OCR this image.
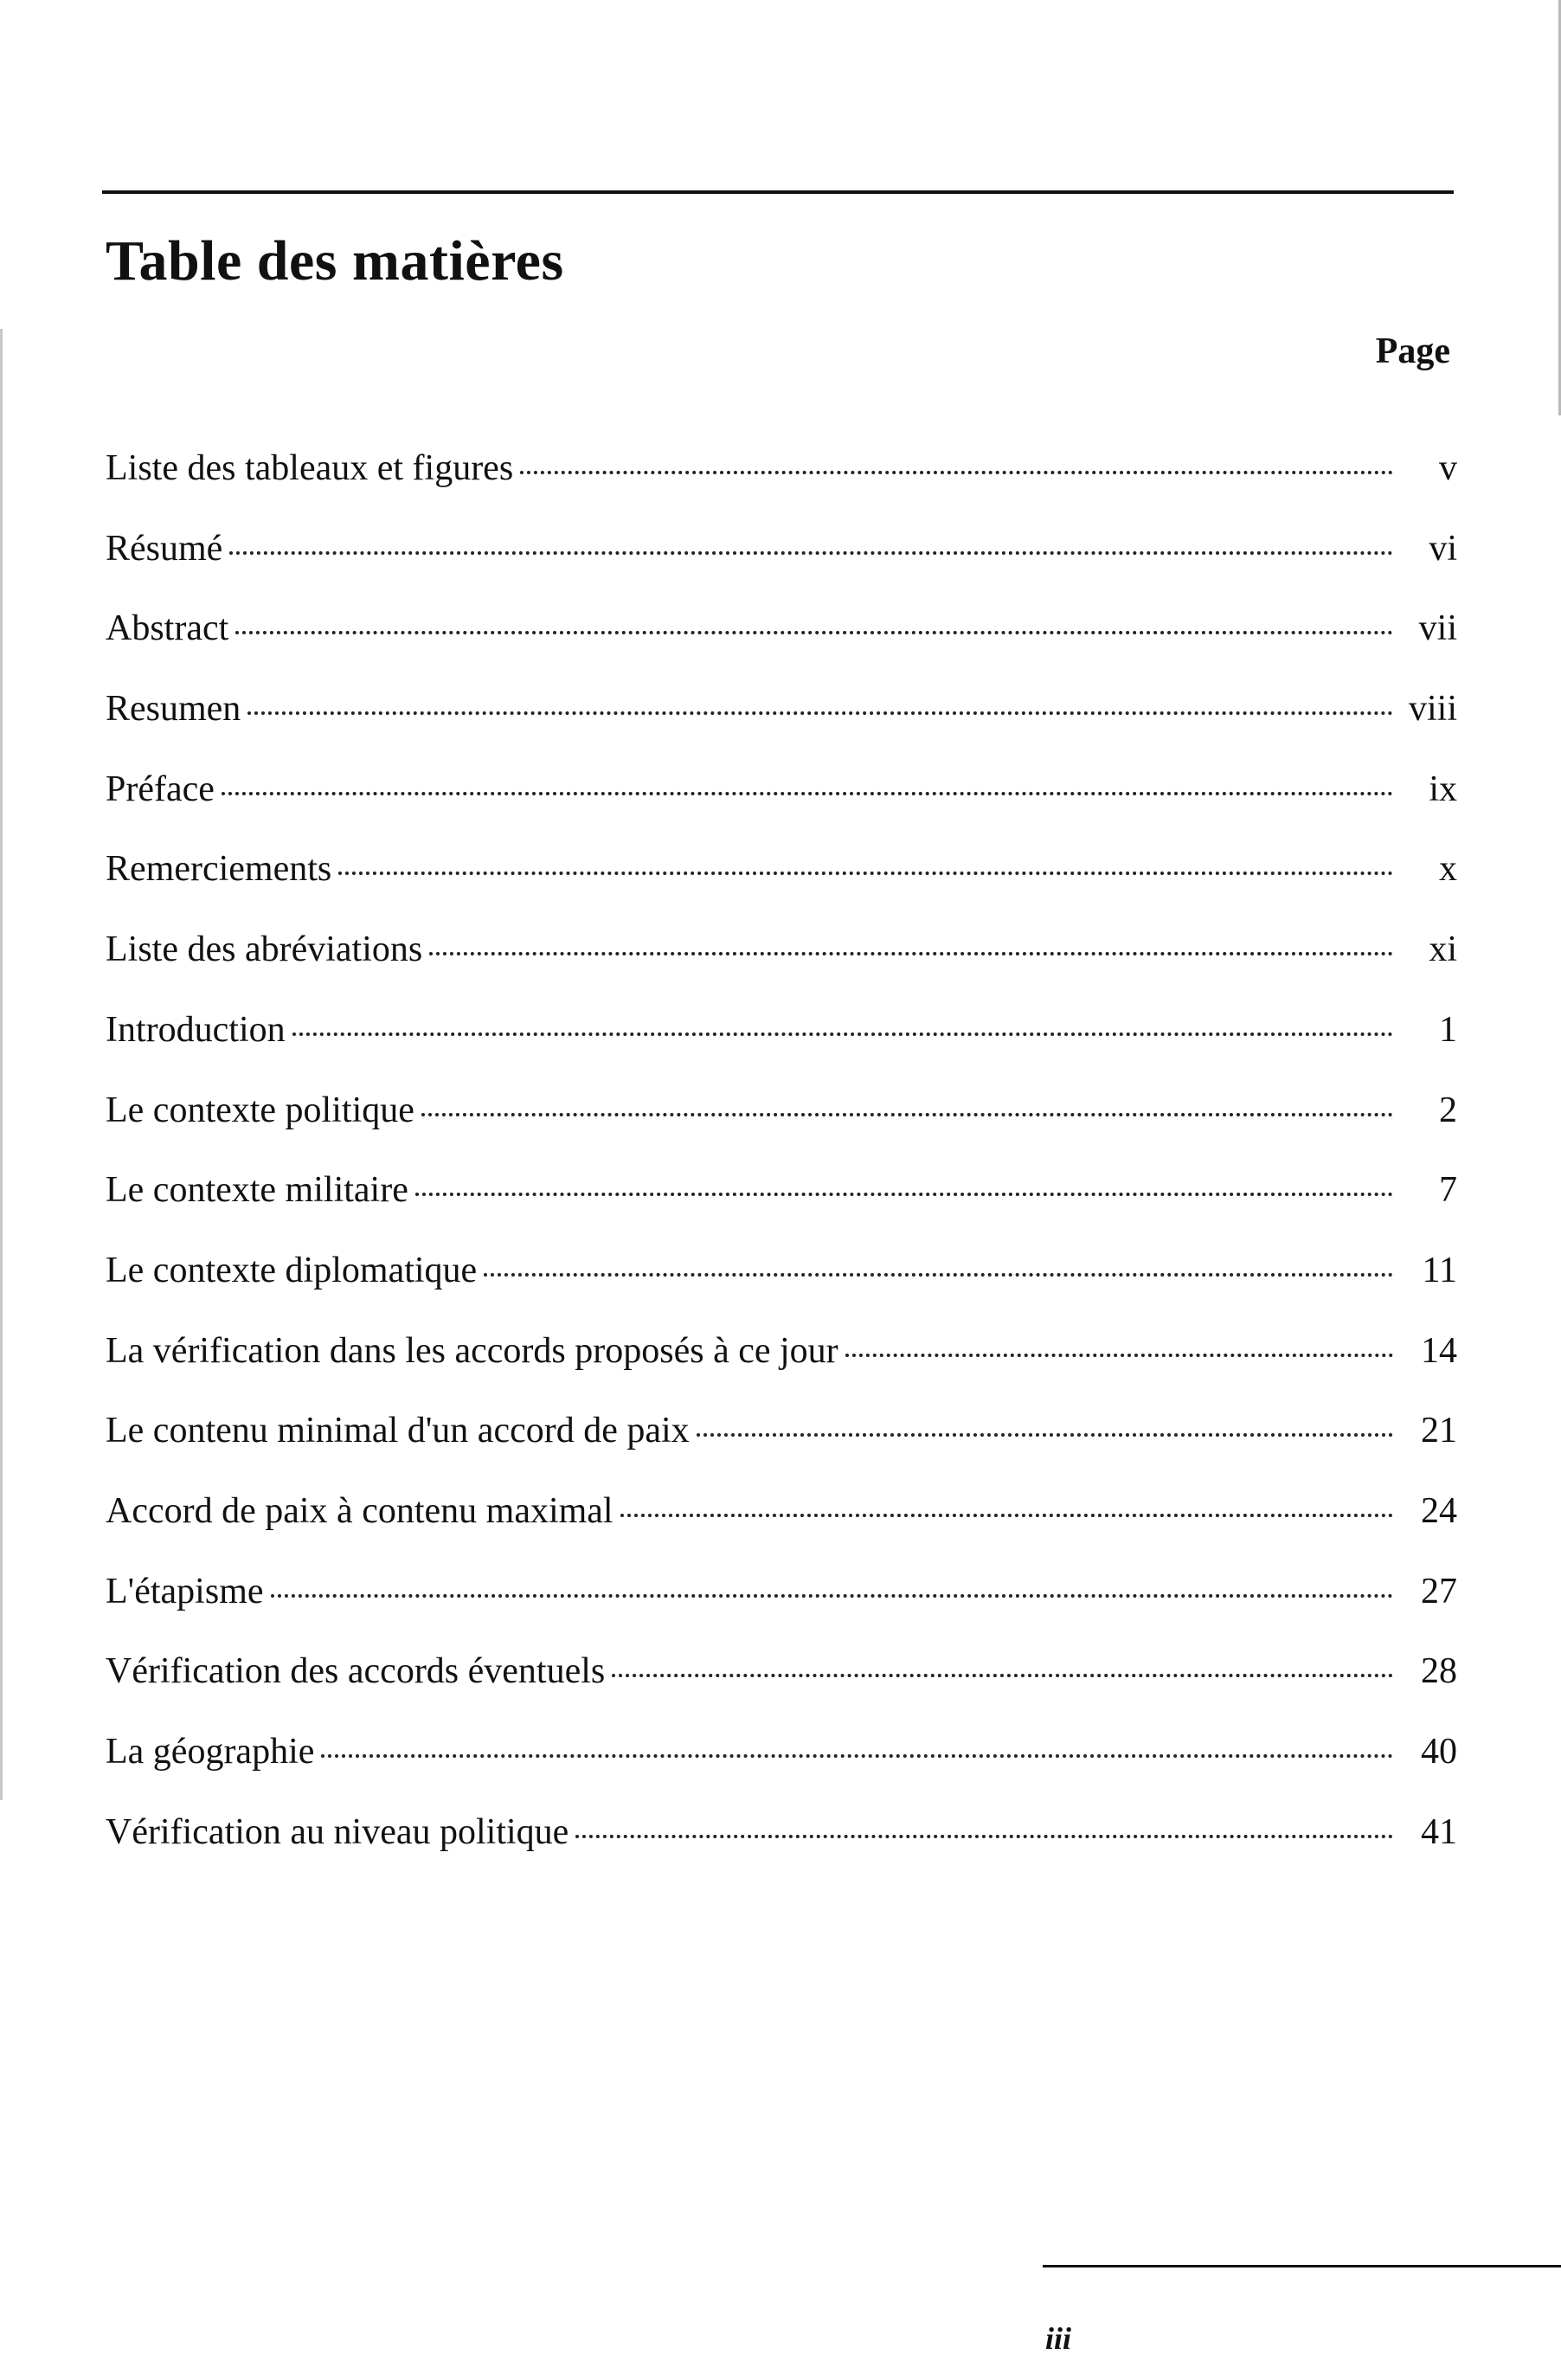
Table des matières
Page
Liste des tableaux et figures	v
Résumé	vi
Abstract	vii
Resumen	viii
Préface	ix
Remerciements	x
Liste des abréviations	xi
Introduction	1
Le contexte politique	2
Le contexte militaire	7
Le contexte diplomatique	11
La vérification dans les accords proposés à ce jour	14
Le contenu minimal d'un accord de paix	21
Accord de paix à contenu maximal	24
L'étapisme	27
Vérification des accords éventuels	28
La géographie	40
Vérification au niveau politique	41
iii
